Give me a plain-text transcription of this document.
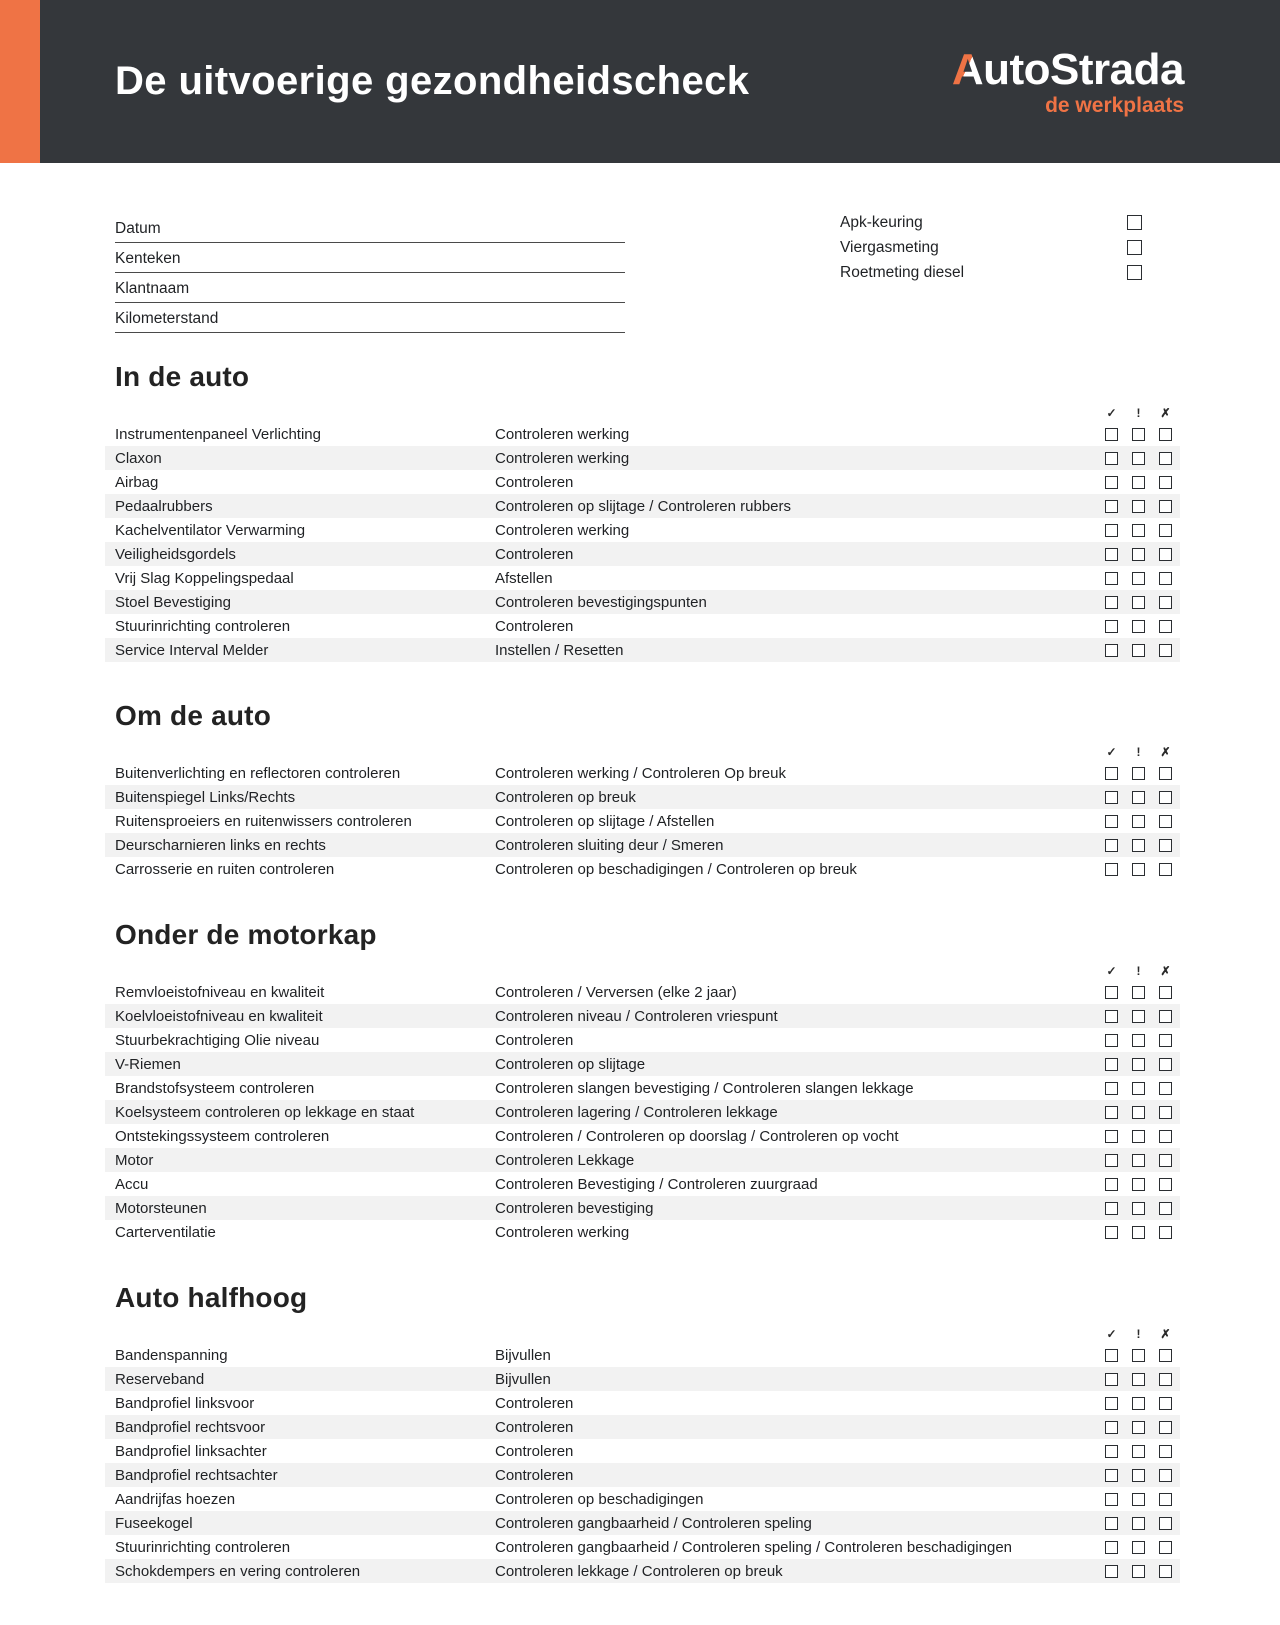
De uitvoerige gezondheidscheck	AutoStrada
de werkplaats
Datum
Kenteken
Klantnaam
Kilometerstand
Apk-keuring
Viergasmeting
Roetmeting diesel
In de auto
✓	!	✗
Instrumentenpaneel Verlichting	Controleren werking
Claxon	Controleren werking
Airbag	Controleren
Pedaalrubbers	Controleren op slijtage / Controleren rubbers
Kachelventilator Verwarming	Controleren werking
Veiligheidsgordels	Controleren
Vrij Slag Koppelingspedaal	Afstellen
Stoel Bevestiging	Controleren bevestigingspunten
Stuurinrichting controleren	Controleren
Service Interval Melder	Instellen / Resetten
Om de auto
✓	!	✗
Buitenverlichting en reflectoren controleren	Controleren werking / Controleren Op breuk
Buitenspiegel Links/Rechts	Controleren op breuk
Ruitensproeiers en ruitenwissers controleren	Controleren op slijtage / Afstellen
Deurscharnieren links en rechts	Controleren sluiting deur / Smeren
Carrosserie en ruiten controleren	Controleren op beschadigingen / Controleren op breuk
Onder de motorkap
✓	!	✗
Remvloeistofniveau en kwaliteit	Controleren / Verversen (elke 2 jaar)
Koelvloeistofniveau en kwaliteit	Controleren niveau / Controleren vriespunt
Stuurbekrachtiging Olie niveau	Controleren
V-Riemen	Controleren op slijtage
Brandstofsysteem controleren	Controleren slangen bevestiging / Controleren slangen lekkage
Koelsysteem controleren op lekkage en staat	Controleren lagering / Controleren lekkage
Ontstekingssysteem controleren	Controleren / Controleren op doorslag / Controleren op vocht
Motor	Controleren Lekkage
Accu	Controleren Bevestiging / Controleren zuurgraad
Motorsteunen	Controleren bevestiging
Carterventilatie	Controleren werking
Auto halfhoog
✓	!	✗
Bandenspanning	Bijvullen
Reserveband	Bijvullen
Bandprofiel linksvoor	Controleren
Bandprofiel rechtsvoor	Controleren
Bandprofiel linksachter	Controleren
Bandprofiel rechtsachter	Controleren
Aandrijfas hoezen	Controleren op beschadigingen
Fuseekogel	Controleren gangbaarheid / Controleren speling
Stuurinrichting controleren	Controleren gangbaarheid / Controleren speling / Controleren beschadigingen
Schokdempers en vering controleren	Controleren lekkage / Controleren op breuk
